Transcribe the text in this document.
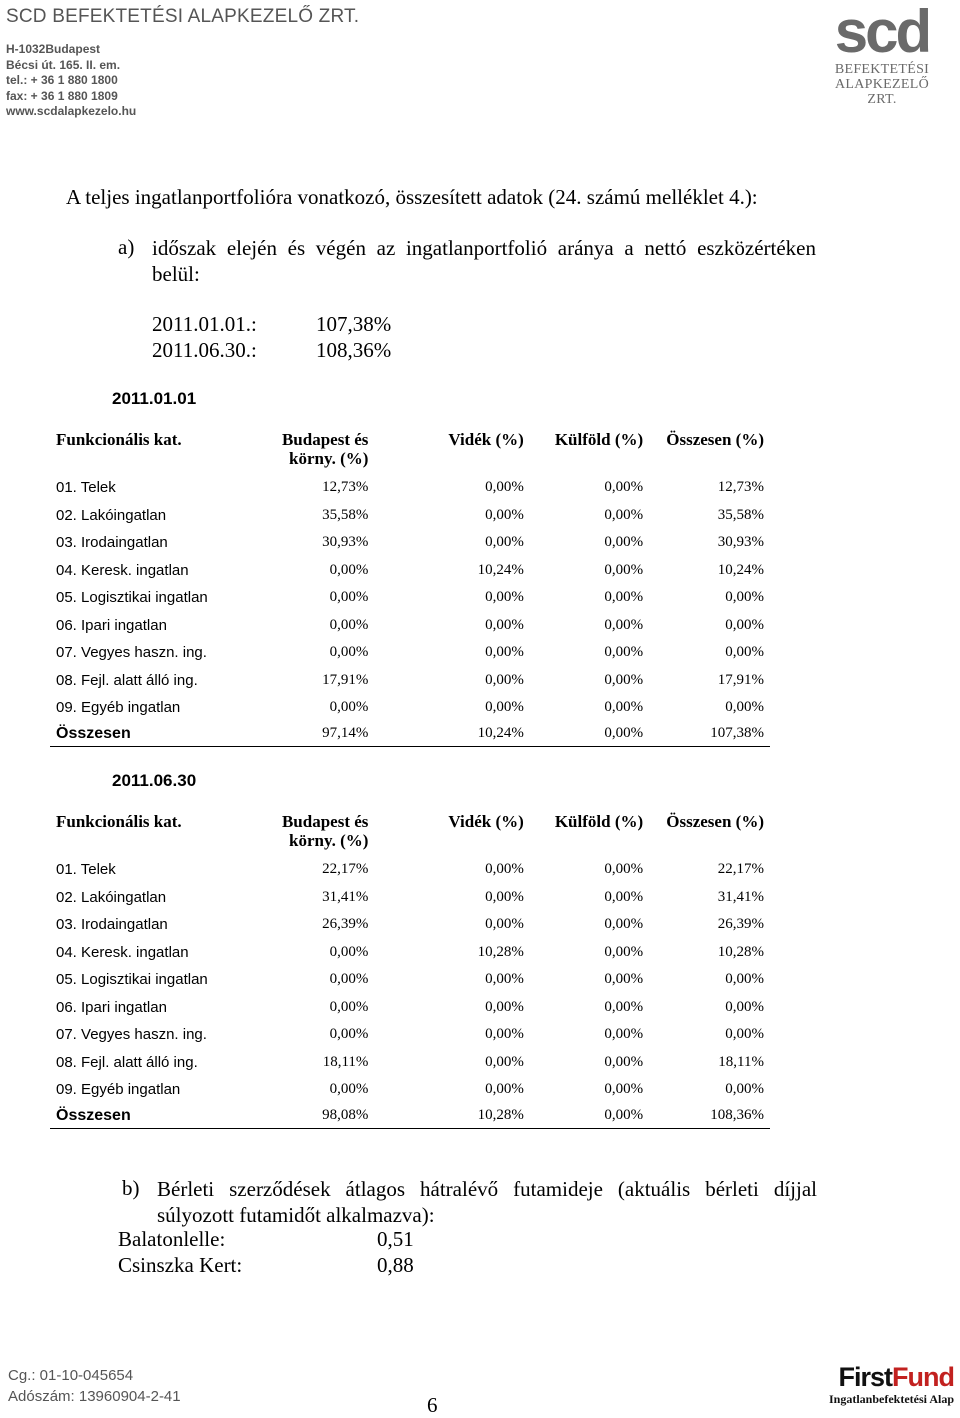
SCD BEFEKTETÉSI ALAPKEZELŐ ZRT.
H-1032Budapest
Bécsi út. 165. II. em.
tel.: + 36 1 880 1800
fax: + 36 1 880 1809
www.scdalapkezelo.hu
scd
BEFEKTETÉSI
ALAPKEZELŐ ZRT.
A teljes ingatlanportfolióra vonatkozó, összesített adatok (24. számú melléklet 4.):
a) időszak elején és végén az ingatlanportfolió aránya a nettó eszközértéken belül:
2011.01.01.:	107,38%
2011.06.30.:	108,36%
2011.01.01
Funkcionális kat.	Budapest és körny. (%)	Vidék (%)	Külföld (%)	Összesen (%)
01. Telek	12,73%	0,00%	0,00%	12,73%
02. Lakóingatlan	35,58%	0,00%	0,00%	35,58%
03. Irodaingatlan	30,93%	0,00%	0,00%	30,93%
04. Keresk. ingatlan	0,00%	10,24%	0,00%	10,24%
05. Logisztikai ingatlan	0,00%	0,00%	0,00%	0,00%
06. Ipari ingatlan	0,00%	0,00%	0,00%	0,00%
07. Vegyes haszn. ing.	0,00%	0,00%	0,00%	0,00%
08. Fejl. alatt álló ing.	17,91%	0,00%	0,00%	17,91%
09. Egyéb ingatlan	0,00%	0,00%	0,00%	0,00%
Összesen	97,14%	10,24%	0,00%	107,38%
2011.06.30
Funkcionális kat.	Budapest és körny. (%)	Vidék (%)	Külföld (%)	Összesen (%)
01. Telek	22,17%	0,00%	0,00%	22,17%
02. Lakóingatlan	31,41%	0,00%	0,00%	31,41%
03. Irodaingatlan	26,39%	0,00%	0,00%	26,39%
04. Keresk. ingatlan	0,00%	10,28%	0,00%	10,28%
05. Logisztikai ingatlan	0,00%	0,00%	0,00%	0,00%
06. Ipari ingatlan	0,00%	0,00%	0,00%	0,00%
07. Vegyes haszn. ing.	0,00%	0,00%	0,00%	0,00%
08. Fejl. alatt álló ing.	18,11%	0,00%	0,00%	18,11%
09. Egyéb ingatlan	0,00%	0,00%	0,00%	0,00%
Összesen	98,08%	10,28%	0,00%	108,36%
b) Bérleti szerződések átlagos hátralévő futamideje (aktuális bérleti díjjal súlyozott futamidőt alkalmazva):
Balatonlelle:	0,51
Csinszka Kert:	0,88
Cg.: 01-10-045654
Adószám: 13960904-2-41	6
FirstFund
Ingatlanbefektetési Alap
